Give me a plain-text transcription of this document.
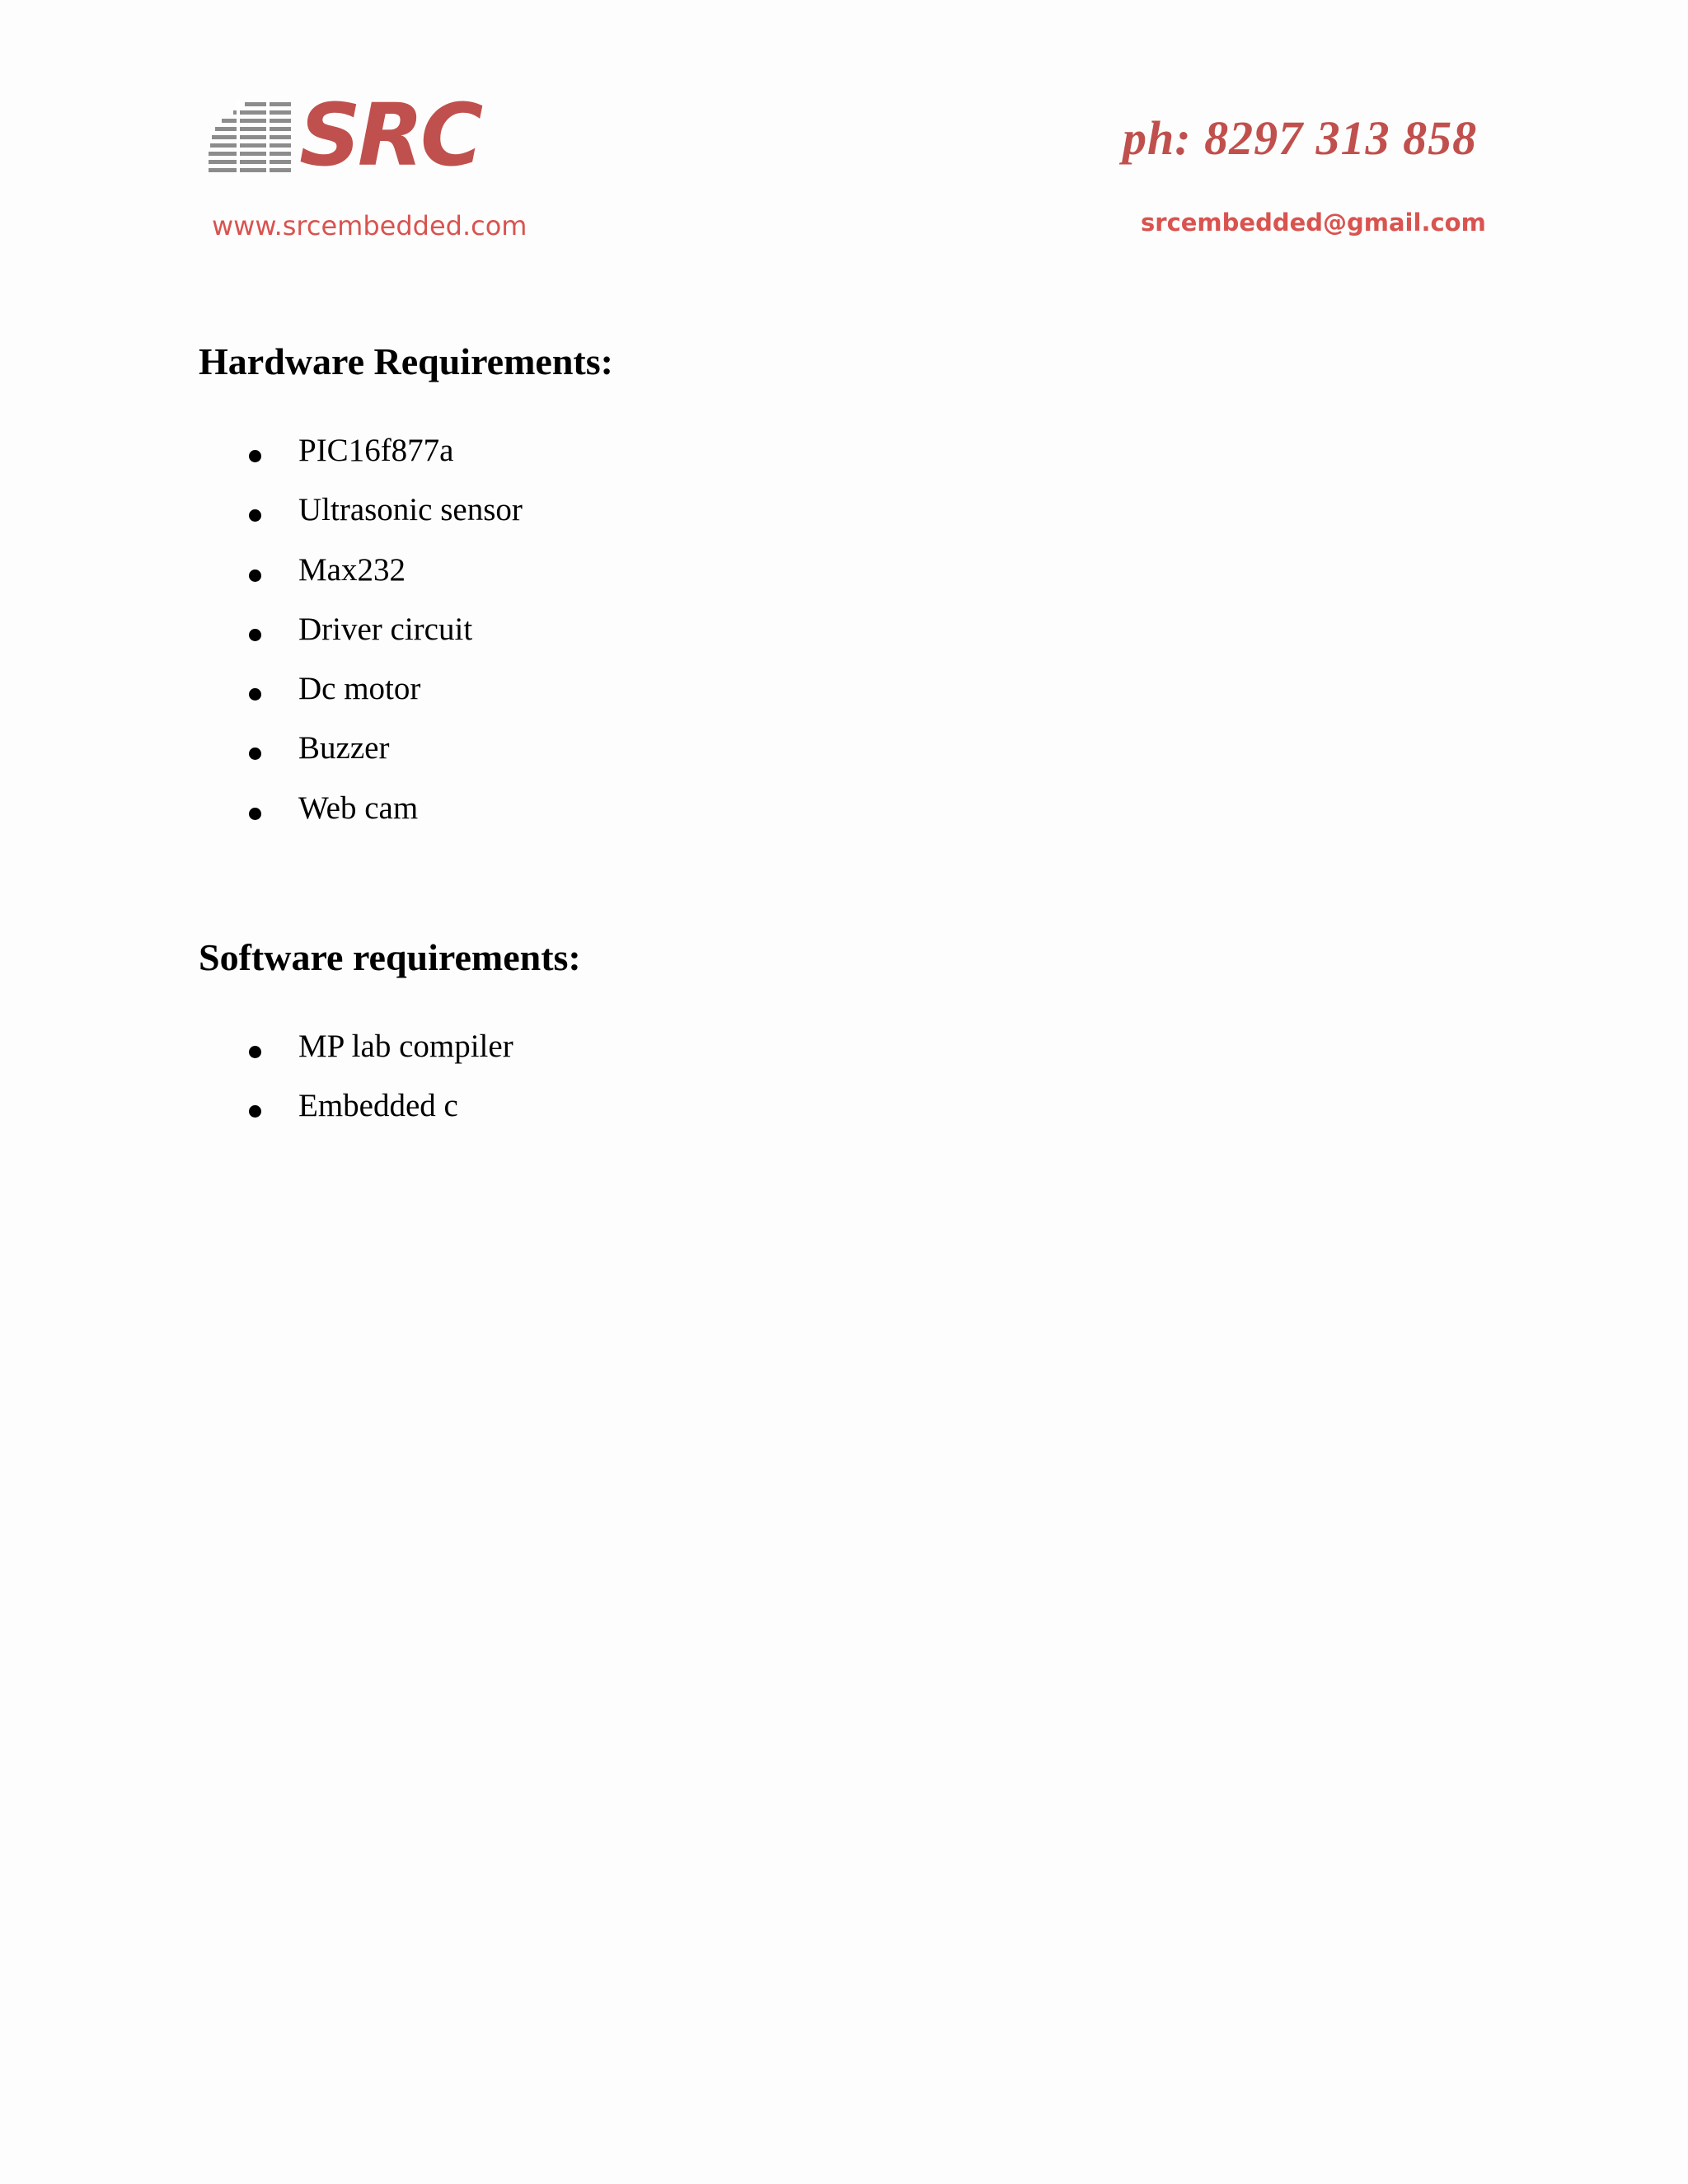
SRC
www.srcembedded.com
ph: 8297 313 858
srcembedded@gmail.com
Hardware Requirements:
PIC16f877a
Ultrasonic sensor
Max232
Driver circuit
Dc motor
Buzzer
Web cam
Software requirements:
MP lab compiler
Embedded c
